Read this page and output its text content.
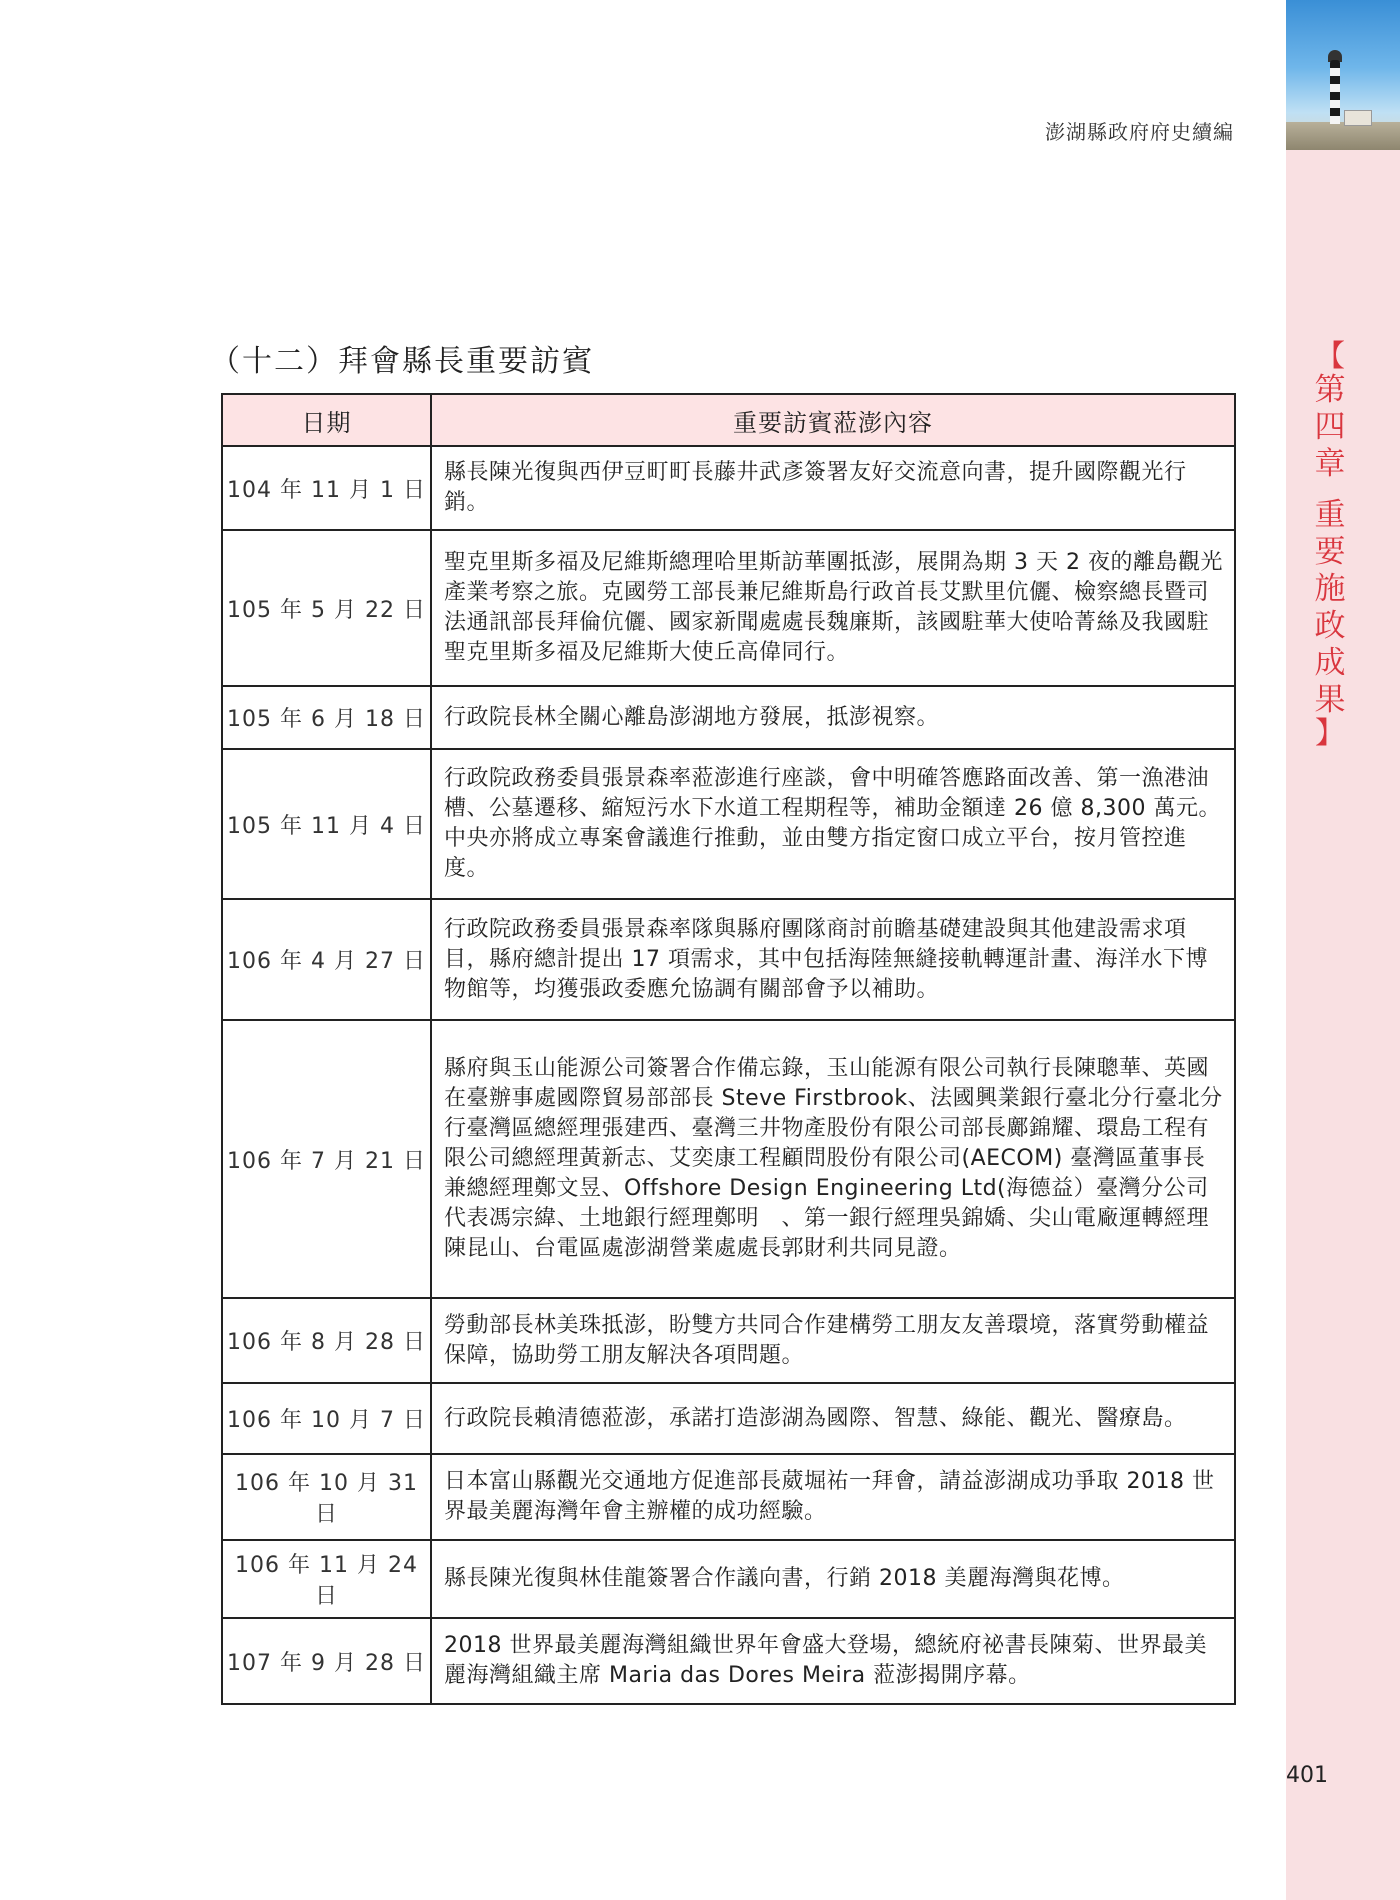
【
第
四
章
重
要
施
政
成
果
】
澎湖縣政府府史續編
（十二）拜會縣長重要訪賓
日期	重要訪賓蒞澎內容
104 年 11 月 1 日	縣長陳光復與西伊豆町町長藤井武彥簽署友好交流意向書，提升國際觀光行銷。
105 年 5 月 22 日	聖克里斯多福及尼維斯總理哈里斯訪華團抵澎，展開為期 3 天 2 夜的離島觀光產業考察之旅。克國勞工部長兼尼維斯島行政首長艾默里伉儷、檢察總長暨司法通訊部長拜倫伉儷、國家新聞處處長魏廉斯，該國駐華大使哈菁絲及我國駐聖克里斯多福及尼維斯大使丘高偉同行。
105 年 6 月 18 日	行政院長林全關心離島澎湖地方發展，抵澎視察。
105 年 11 月 4 日	行政院政務委員張景森率蒞澎進行座談，會中明確答應路面改善、第一漁港油槽、公墓遷移、縮短污水下水道工程期程等，補助金額達 26 億 8,300 萬元。中央亦將成立專案會議進行推動，並由雙方指定窗口成立平台，按月管控進度。
106 年 4 月 27 日	行政院政務委員張景森率隊與縣府團隊商討前瞻基礎建設與其他建設需求項目，縣府總計提出 17 項需求，其中包括海陸無縫接軌轉運計畫、海洋水下博物館等，均獲張政委應允協調有關部會予以補助。
106 年 7 月 21 日	縣府與玉山能源公司簽署合作備忘錄，玉山能源有限公司執行長陳聰華、英國在臺辦事處國際貿易部部長 Steve Firstbrook、法國興業銀行臺北分行臺北分行臺灣區總經理張建西、臺灣三井物產股份有限公司部長鄺錦耀、環島工程有限公司總經理黃新志、艾奕康工程顧問股份有限公司(AECOM) 臺灣區董事長兼總經理鄭文昱、Offshore Design Engineering Ltd(海德益）臺灣分公司代表馮宗緯、土地銀行經理鄭明　、第一銀行經理吳錦嬌、尖山電廠運轉經理陳昆山、台電區處澎湖營業處處長郭財利共同見證。
106 年 8 月 28 日	勞動部長林美珠抵澎，盼雙方共同合作建構勞工朋友友善環境，落實勞動權益保障，協助勞工朋友解決各項問題。
106 年 10 月 7 日	行政院長賴清德蒞澎，承諾打造澎湖為國際、智慧、綠能、觀光、醫療島。
106 年 10 月 31 日	日本富山縣觀光交通地方促進部長葳堀祐一拜會，請益澎湖成功爭取 2018 世界最美麗海灣年會主辦權的成功經驗。
106 年 11 月 24 日	縣長陳光復與林佳龍簽署合作議向書，行銷 2018 美麗海灣與花博。
107 年 9 月 28 日	2018 世界最美麗海灣組織世界年會盛大登場，總統府祕書長陳菊、世界最美麗海灣組織主席 Maria das Dores Meira 蒞澎揭開序幕。
401
